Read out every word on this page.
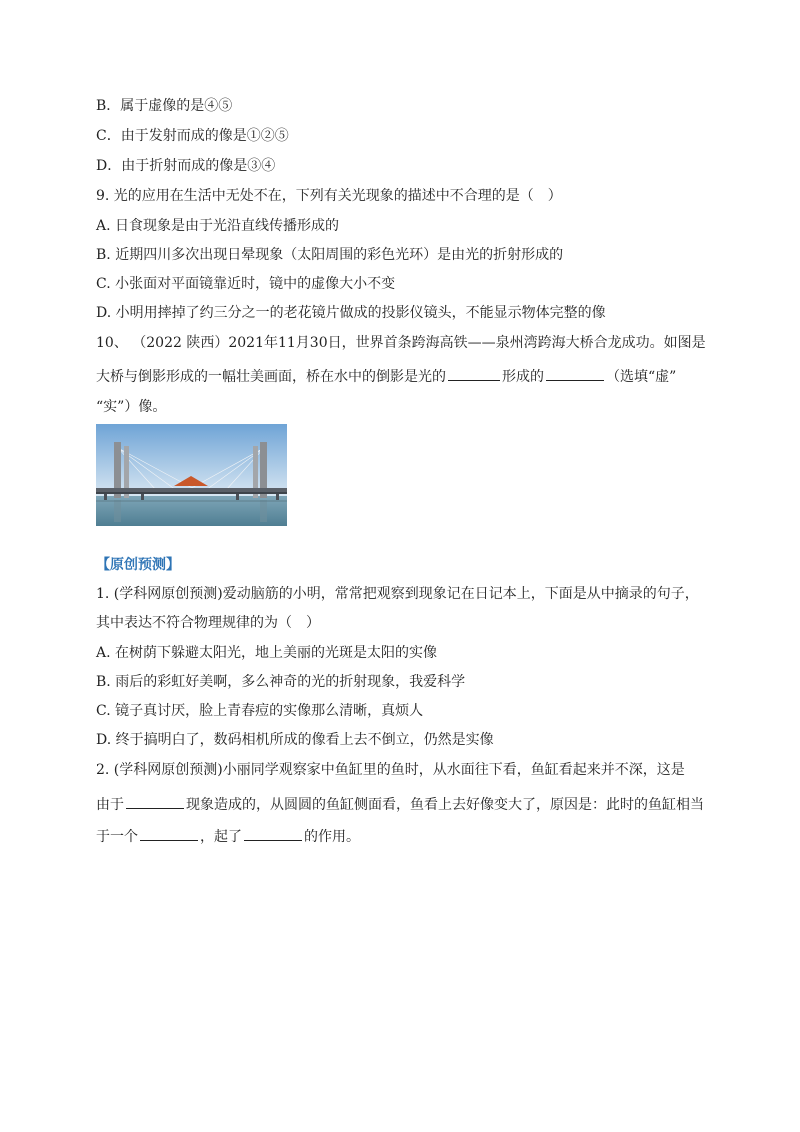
B．属于虚像的是④⑤
C．由于发射而成的像是①②⑤
D．由于折射而成的像是③④
9. 光的应用在生活中无处不在，下列有关光现象的描述中不合理的是（　）
A. 日食现象是由于光沿直线传播形成的
B. 近期四川多次出现日晕现象（太阳周围的彩色光环）是由光的折射形成的
C. 小张面对平面镜靠近时，镜中的虚像大小不变
D. 小明用摔掉了约三分之一的老花镜片做成的投影仪镜头，不能显示物体完整的像
10、 （2022 陕西）2021年11月30日，世界首条跨海高铁——泉州湾跨海大桥合龙成功。如图是
大桥与倒影形成的一幅壮美画面，桥在水中的倒影是光的	形成的	（选填“虚”
“实”）像。
【原创预测】
1. (学科网原创预测)爱动脑筋的小明，常常把观察到现象记在日记本上，下面是从中摘录的句子，
其中表达不符合物理规律的为（　）
A. 在树荫下躲避太阳光，地上美丽的光斑是太阳的实像
B. 雨后的彩虹好美啊，多么神奇的光的折射现象，我爱科学
C. 镜子真讨厌，脸上青春痘的实像那么清晰，真烦人
D. 终于搞明白了，数码相机所成的像看上去不倒立，仍然是实像
2. (学科网原创预测)小丽同学观察家中鱼缸里的鱼时，从水面往下看，鱼缸看起来并不深，这是
由于	现象造成的，从圆圆的鱼缸侧面看，鱼看上去好像变大了，原因是：此时的鱼缸相当
于一个	，起了	的作用。
